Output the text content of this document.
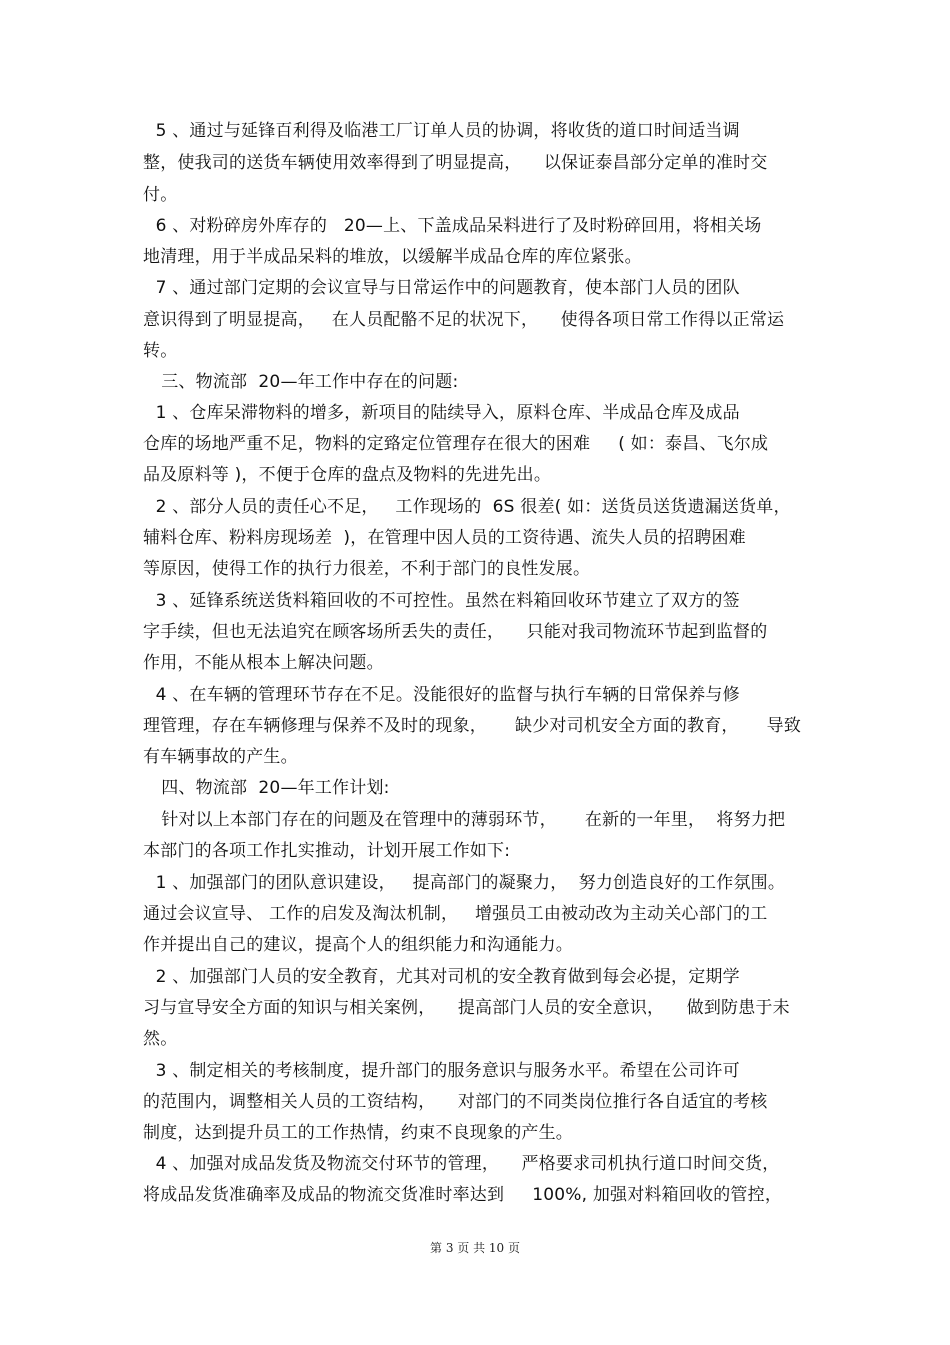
5 、通过与延锋百利得及临港工厂订单人员的协调，将收货的道口时间适当调
整，使我司的送货车辆使用效率得到了明显提高，    以保证泰昌部分定单的准时交
付。
6 、对粉碎房外库存的   20—上、下盖成品呆料进行了及时粉碎回用，将相关场
地清理，用于半成品呆料的堆放，以缓解半成品仓库的库位紧张。
7 、通过部门定期的会议宣导与日常运作中的问题教育，使本部门人员的团队
意识得到了明显提高，   在人员配骼不足的状况下，    使得各项日常工作得以正常运
转。
三、物流部  20—年工作中存在的问题:
1 、仓库呆滞物料的增多，新项目的陆续导入，原料仓库、半成品仓库及成品
仓库的场地严重不足，物料的定臵定位管理存在很大的困难     ( 如：泰昌、飞尔成
品及原料等 )，不便于仓库的盘点及物料的先进先出。
2 、部分人员的责任心不足，   工作现场的  6S 很差( 如：送货员送货遗漏送货单，
辅料仓库、粉料房现场差  )，在管理中因人员的工资待遇、流失人员的招聘困难
等原因，使得工作的执行力很差，不利于部门的良性发展。
3 、延锋系统送货料箱回收的不可控性。虽然在料箱回收环节建立了双方的签
字手续，但也无法追究在顾客场所丢失的责任，    只能对我司物流环节起到监督的
作用，不能从根本上解决问题。
4 、在车辆的管理环节存在不足。没能很好的监督与执行车辆的日常保养与修
理管理，存在车辆修理与保养不及时的现象，     缺少对司机安全方面的教育，     导致
有车辆事故的产生。
四、物流部  20—年工作计划:
针对以上本部门存在的问题及在管理中的薄弱环节，     在新的一年里，  将努力把
本部门的各项工作扎实推动，计划开展工作如下:
1 、加强部门的团队意识建设，   提高部门的凝聚力，  努力创造良好的工作氛围。
通过会议宣导、 工作的启发及淘汰机制，   增强员工由被动改为主动关心部门的工
作并提出自己的建议，提高个人的组织能力和沟通能力。
2 、加强部门人员的安全教育，尤其对司机的安全教育做到每会必提，定期学
习与宣导安全方面的知识与相关案例，    提高部门人员的安全意识，    做到防患于未
然。
3 、制定相关的考核制度，提升部门的服务意识与服务水平。希望在公司许可
的范围内，调整相关人员的工资结构，    对部门的不同类岗位推行各自适宜的考核
制度，达到提升员工的工作热情，约束不良现象的产生。
4 、加强对成品发货及物流交付环节的管理，    严格要求司机执行道口时间交货，
将成品发货准确率及成品的物流交货准时率达到     100%, 加强对料箱回收的管控，
第 3 页 共 10 页
